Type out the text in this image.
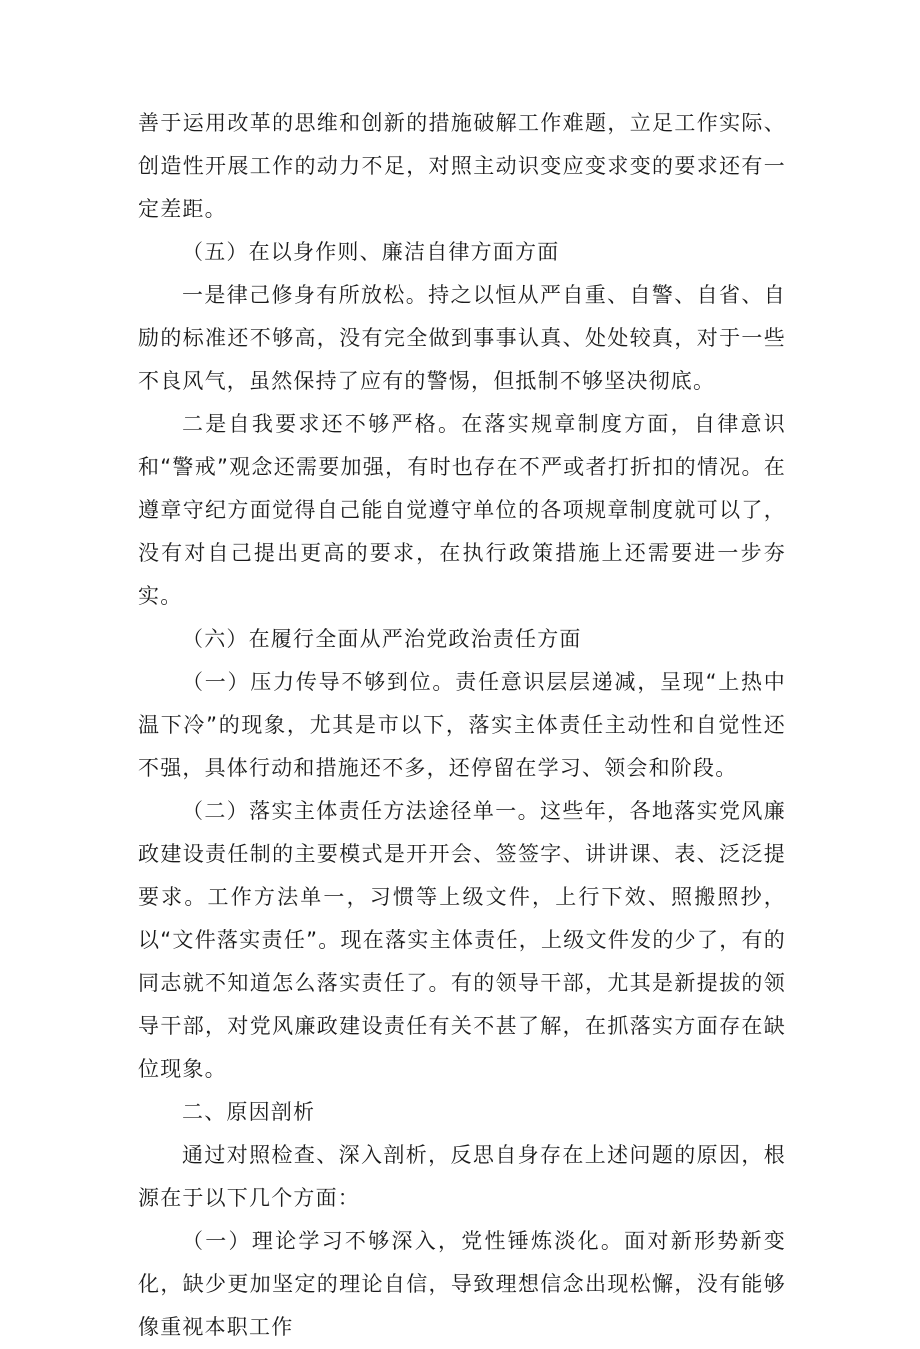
善于运用改革的思维和创新的措施破解工作难题，立足工作实际、创造性开展工作的动力不足，对照主动识变应变求变的要求还有一定差距。

（五）在以身作则、廉洁自律方面方面

一是律己修身有所放松。持之以恒从严自重、自警、自省、自励的标准还不够高，没有完全做到事事认真、处处较真，对于一些不良风气，虽然保持了应有的警惕，但抵制不够坚决彻底。

二是自我要求还不够严格。在落实规章制度方面，自律意识和“警戒”观念还需要加强，有时也存在不严或者打折扣的情况。在遵章守纪方面觉得自己能自觉遵守单位的各项规章制度就可以了，没有对自己提出更高的要求，在执行政策措施上还需要进一步夯实。

（六）在履行全面从严治党政治责任方面

（一）压力传导不够到位。责任意识层层递减，呈现“上热中温下冷”的现象，尤其是市以下，落实主体责任主动性和自觉性还不强，具体行动和措施还不多，还停留在学习、领会和阶段。

（二）落实主体责任方法途径单一。这些年，各地落实党风廉政建设责任制的主要模式是开开会、签签字、讲讲课、表、泛泛提要求。工作方法单一，习惯等上级文件，上行下效、照搬照抄，以“文件落实责任”。现在落实主体责任，上级文件发的少了，有的同志就不知道怎么落实责任了。有的领导干部，尤其是新提拔的领导干部，对党风廉政建设责任有关不甚了解，在抓落实方面存在缺位现象。

二、原因剖析

通过对照检查、深入剖析，反思自身存在上述问题的原因，根源在于以下几个方面：

（一）理论学习不够深入，党性锤炼淡化。面对新形势新变化，缺少更加坚定的理论自信，导致理想信念出现松懈，没有能够像重视本职工作
